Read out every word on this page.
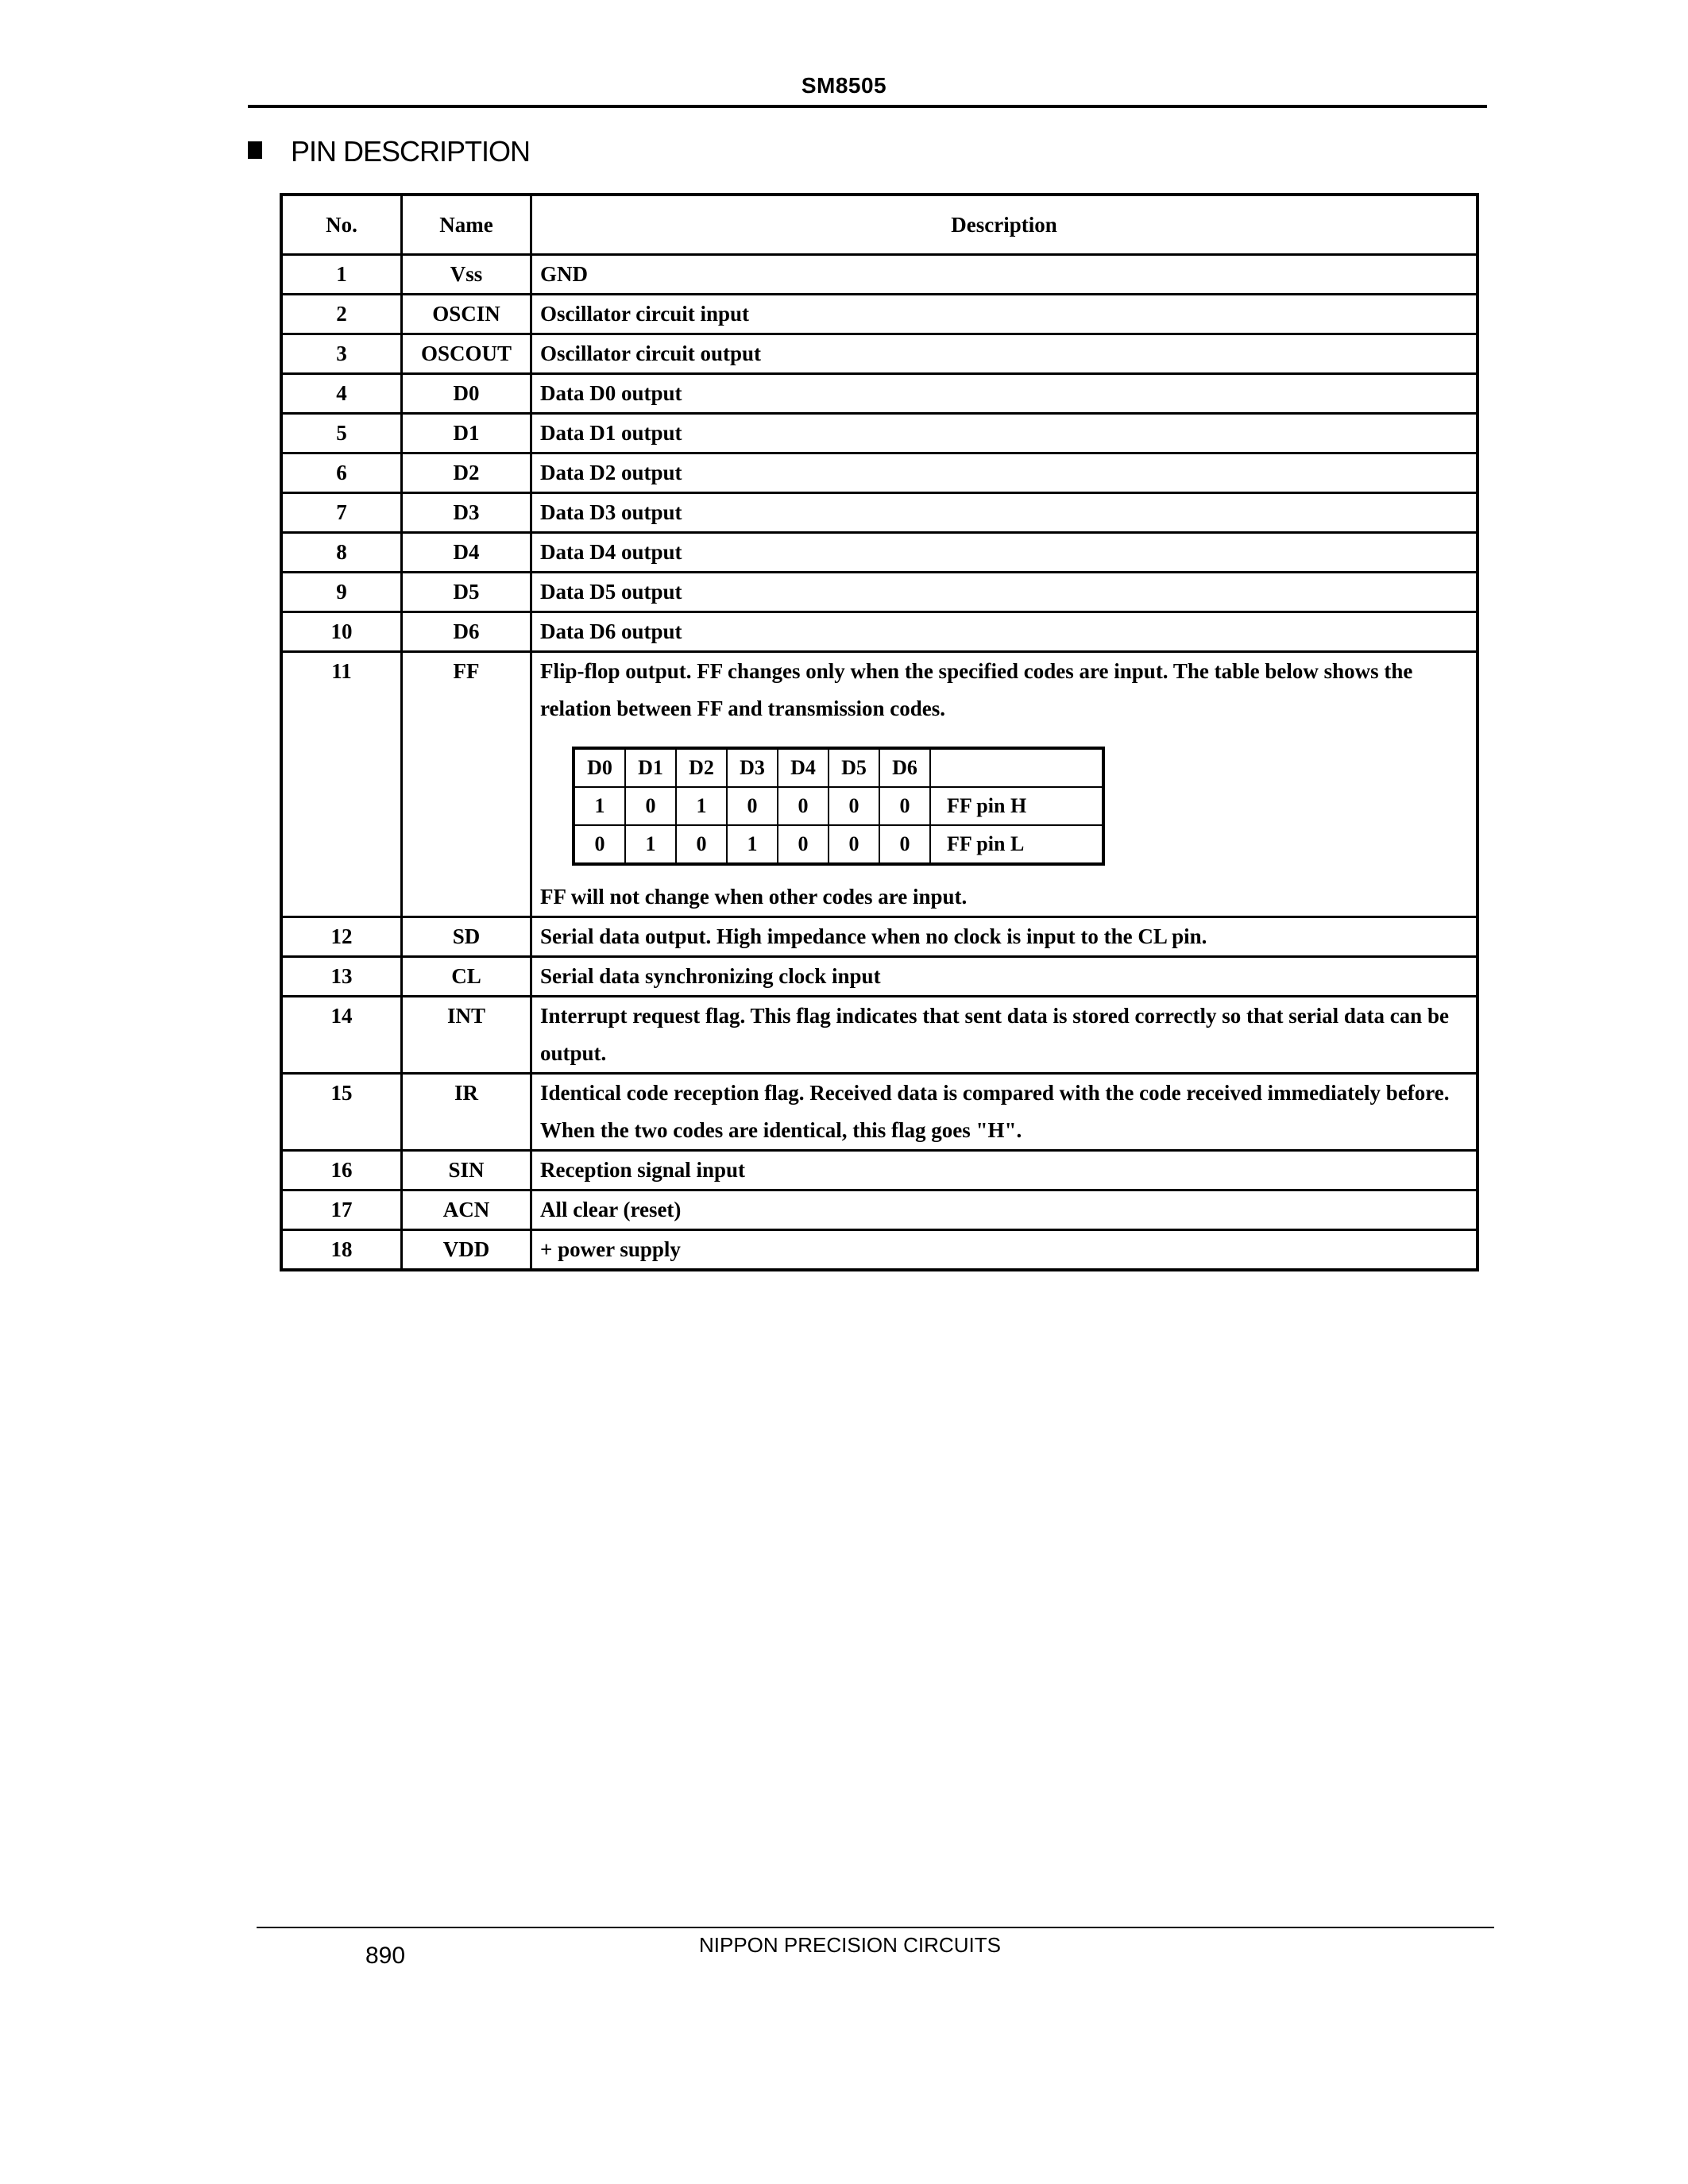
SM8505
PIN DESCRIPTION
No.	Name	Description
1	Vss	GND

2	OSCIN	Oscillator circuit input

3	OSCOUT	Oscillator circuit output

4	D0	Data D0 output

5	D1	Data D1 output

6	D2	Data D2 output

7	D3	Data D3 output

8	D4	Data D4 output

9	D5	Data D5 output

10	D6	Data D6 output

11	FF	Flip-flop output. FF changes only when the specified codes are input. The table below shows the relation between FF and transmission codes.
D0	D1	D2	D3	D4	D5	D6	
1	0	1	0	0	0	0	FF pin H
0	1	0	1	0	0	0	FF pin L
FF will not change when other codes are input.

12	SD	Serial data output. High impedance when no clock is input to the CL pin.

13	CL	Serial data synchronizing clock input

14	INT	Interrupt request flag. This flag indicates that sent data is stored correctly so that serial data can be output.

15	IR	Identical code reception flag. Received data is compared with the code received immediately before. When the two codes are identical, this flag goes "H".

16	SIN	Reception signal input

17	ACN	All clear (reset)

18	VDD	+ power supply
890	NIPPON PRECISION CIRCUITS
